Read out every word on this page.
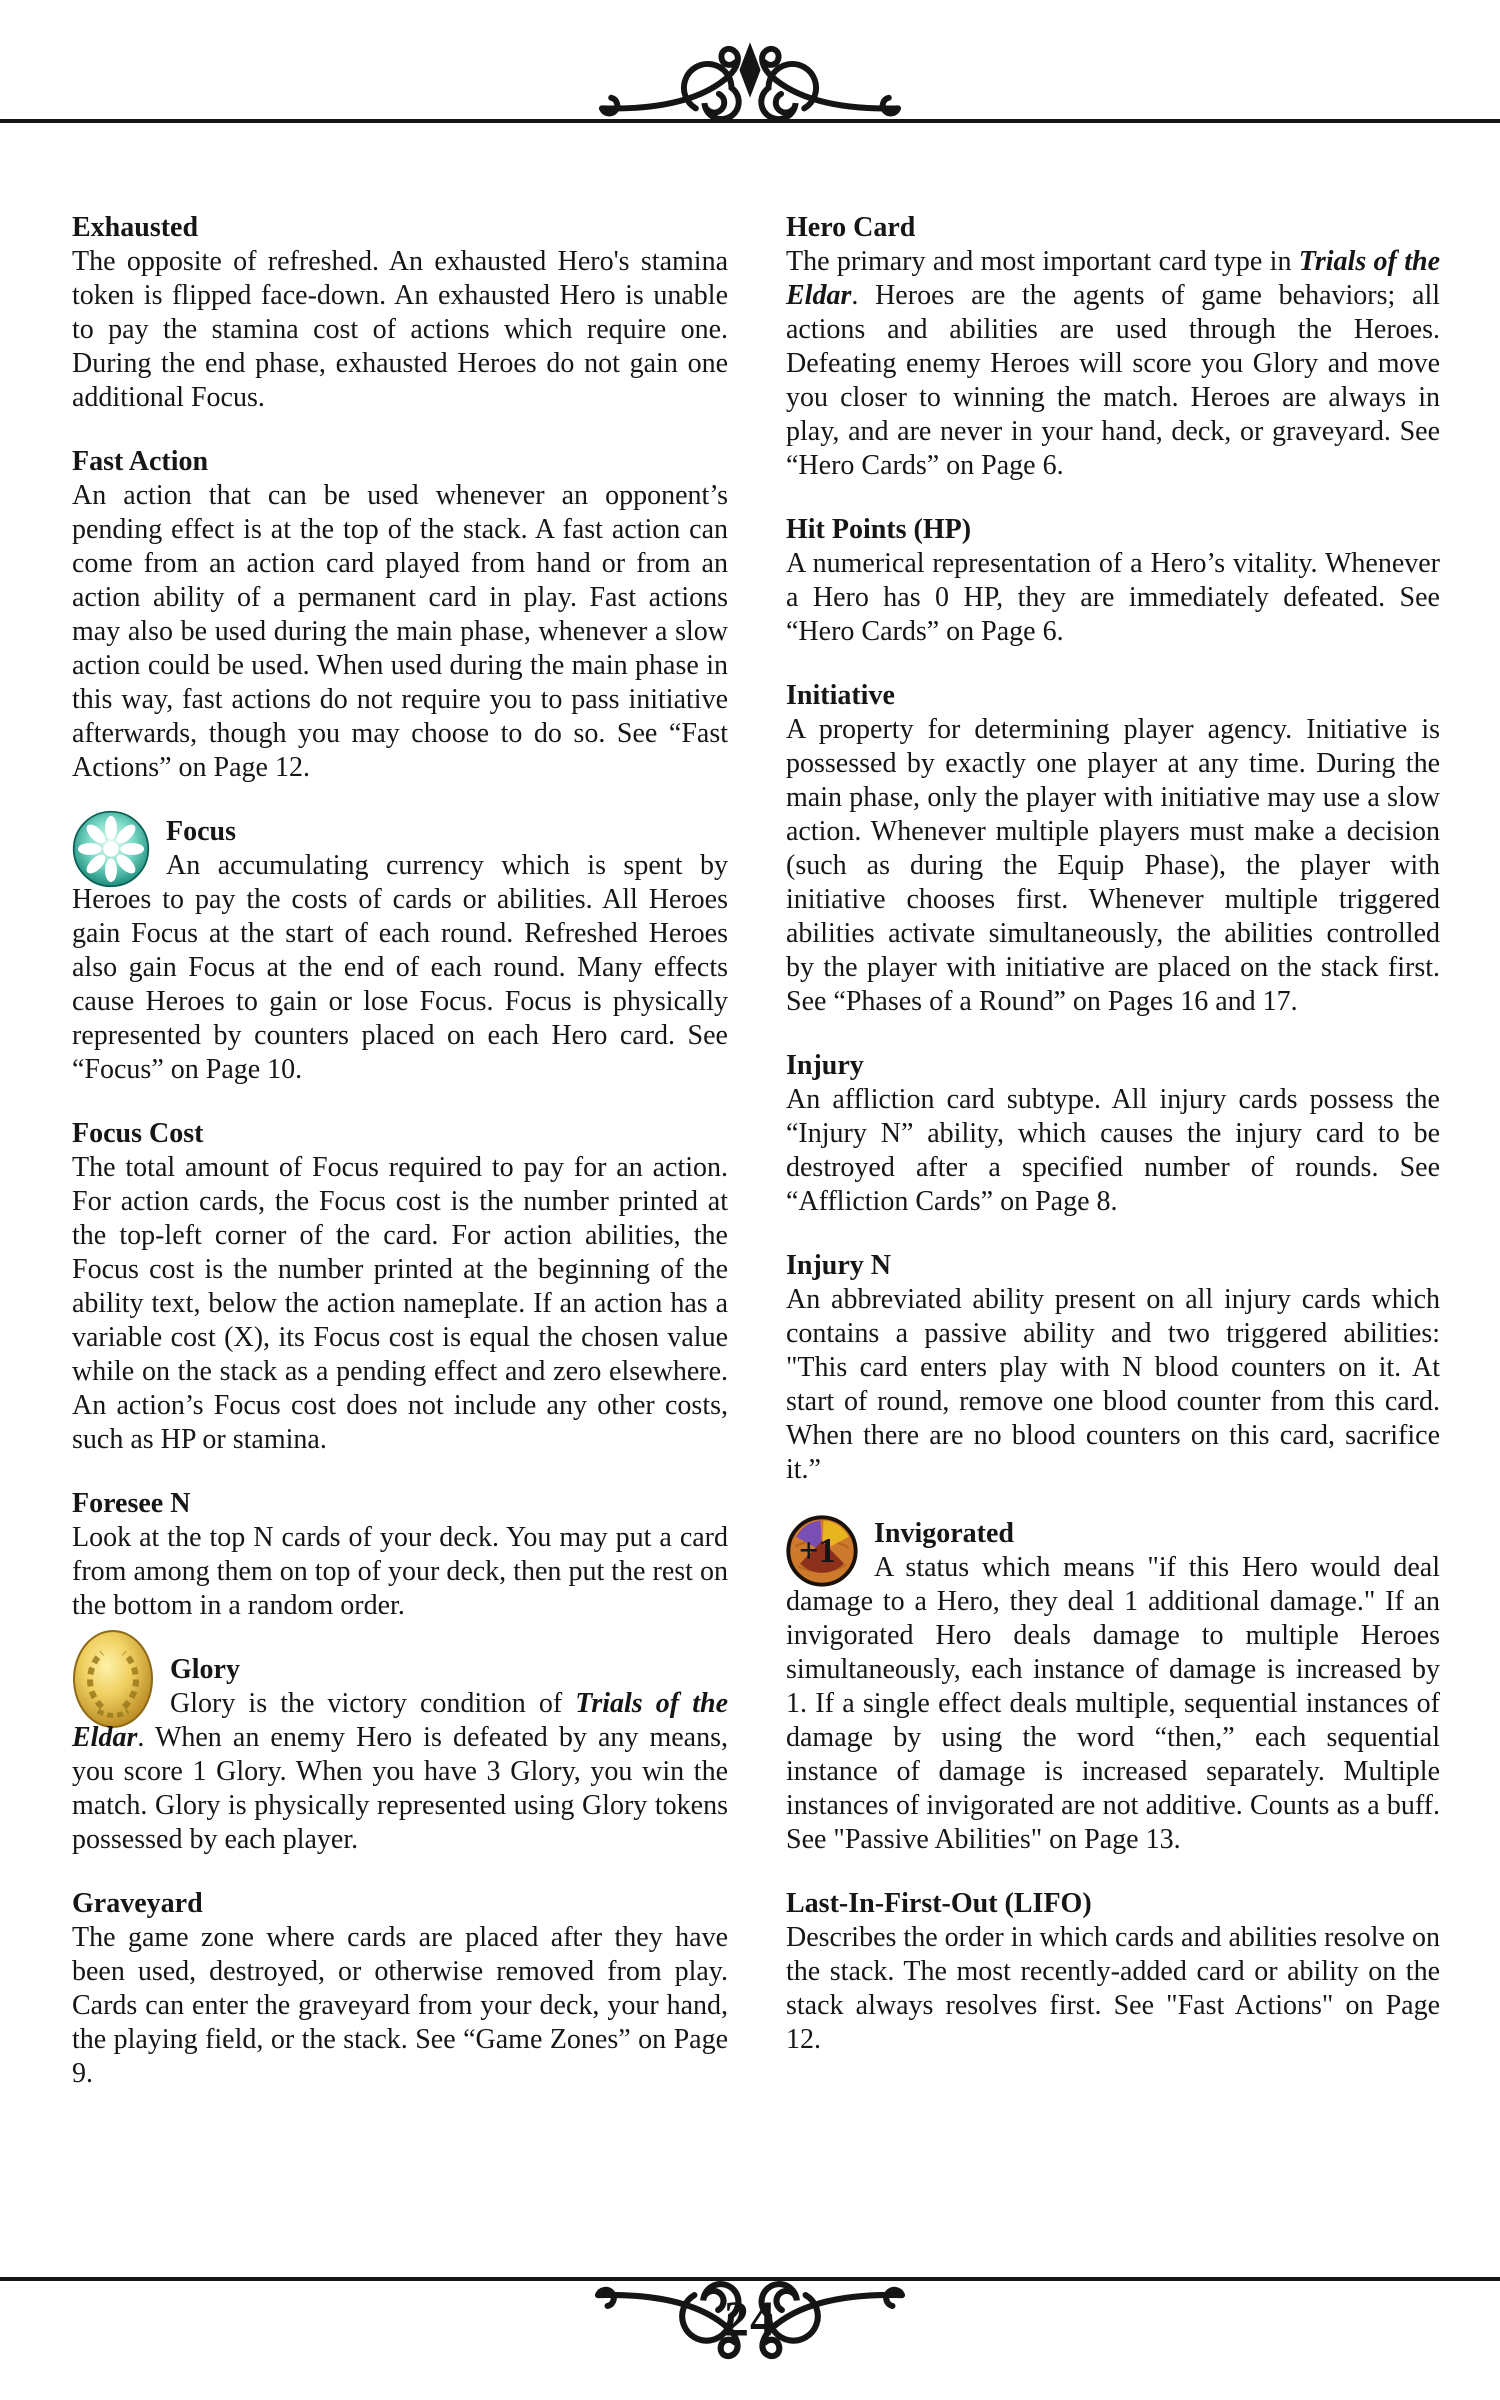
Exhausted

The opposite of refreshed. An exhausted Hero's stamina token is flipped face-down. An exhausted Hero is unable to pay the stamina cost of actions which require one. During the end phase, exhausted Heroes do not gain one additional Focus.

Fast Action

An action that can be used whenever an opponent’s pending effect is at the top of the stack. A fast action can come from an action card played from hand or from an action ability of a permanent card in play. Fast actions may also be used during the main phase, whenever a slow action could be used. When used during the main phase in this way, fast actions do not require you to pass initiative afterwards, though you may choose to do so. See “Fast Actions” on Page 12.

Focus

An accumulating currency which is spent by Heroes to pay the costs of cards or abilities. All Heroes gain Focus at the start of each round. Refreshed Heroes also gain Focus at the end of each round. Many effects cause Heroes to gain or lose Focus. Focus is physically represented by counters placed on each Hero card. See “Focus” on Page 10.

Focus Cost

The total amount of Focus required to pay for an action. For action cards, the Focus cost is the number printed at the top-left corner of the card. For action abilities, the Focus cost is the number printed at the beginning of the ability text, below the action nameplate. If an action has a variable cost (X), its Focus cost is equal the chosen value while on the stack as a pending effect and zero elsewhere. An action’s Focus cost does not include any other costs, such as HP or stamina.

Foresee N

Look at the top N cards of your deck. You may put a card from among them on top of your deck, then put the rest on the bottom in a random order.

Glory

Glory is the victory condition of Trials of the Eldar. When an enemy Hero is defeated by any means, you score 1 Glory. When you have 3 Glory, you win the match. Glory is physically represented using Glory tokens possessed by each player.

Graveyard

The game zone where cards are placed after they have been used, destroyed, or otherwise removed from play. Cards can enter the graveyard from your deck, your hand, the playing field, or the stack. See “Game Zones” on Page 9.

Hero Card

The primary and most important card type in Trials of the Eldar. Heroes are the agents of game behaviors; all actions and abilities are used through the Heroes. Defeating enemy Heroes will score you Glory and move you closer to winning the match. Heroes are always in play, and are never in your hand, deck, or graveyard. See “Hero Cards” on Page 6.

Hit Points (HP)

A numerical representation of a Hero’s vitality. Whenever a Hero has 0 HP, they are immediately defeated. See “Hero Cards” on Page 6.

Initiative

A property for determining player agency. Initiative is possessed by exactly one player at any time. During the main phase, only the player with initiative may use a slow action. Whenever multiple players must make a decision (such as during the Equip Phase), the player with initiative chooses first. Whenever multiple triggered abilities activate simultaneously, the abilities controlled by the player with initiative are placed on the stack first. See “Phases of a Round” on Pages 16 and 17.

Injury

An affliction card subtype. All injury cards possess the “Injury N” ability, which causes the injury card to be destroyed after a specified number of rounds. See “Affliction Cards” on Page 8.

Injury N

An abbreviated ability present on all injury cards which contains a passive ability and two triggered abilities: "This card enters play with N blood counters on it. At start of round, remove one blood counter from this card. When there are no blood counters on this card, sacrifice it.”

+1	Invigorated

A status which means "if this Hero would deal damage to a Hero, they deal 1 additional damage." If an invigorated Hero deals damage to multiple Heroes simultaneously, each instance of damage is increased by 1. If a single effect deals multiple, sequential instances of damage by using the word “then,” each sequential instance of damage is increased separately. Multiple instances of invigorated are not additive. Counts as a buff. See "Passive Abilities" on Page 13.

Last-In-First-Out (LIFO)

Describes the order in which cards and abilities resolve on the stack. The most recently-added card or ability on the stack always resolves first. See "Fast Actions" on Page 12.

24
